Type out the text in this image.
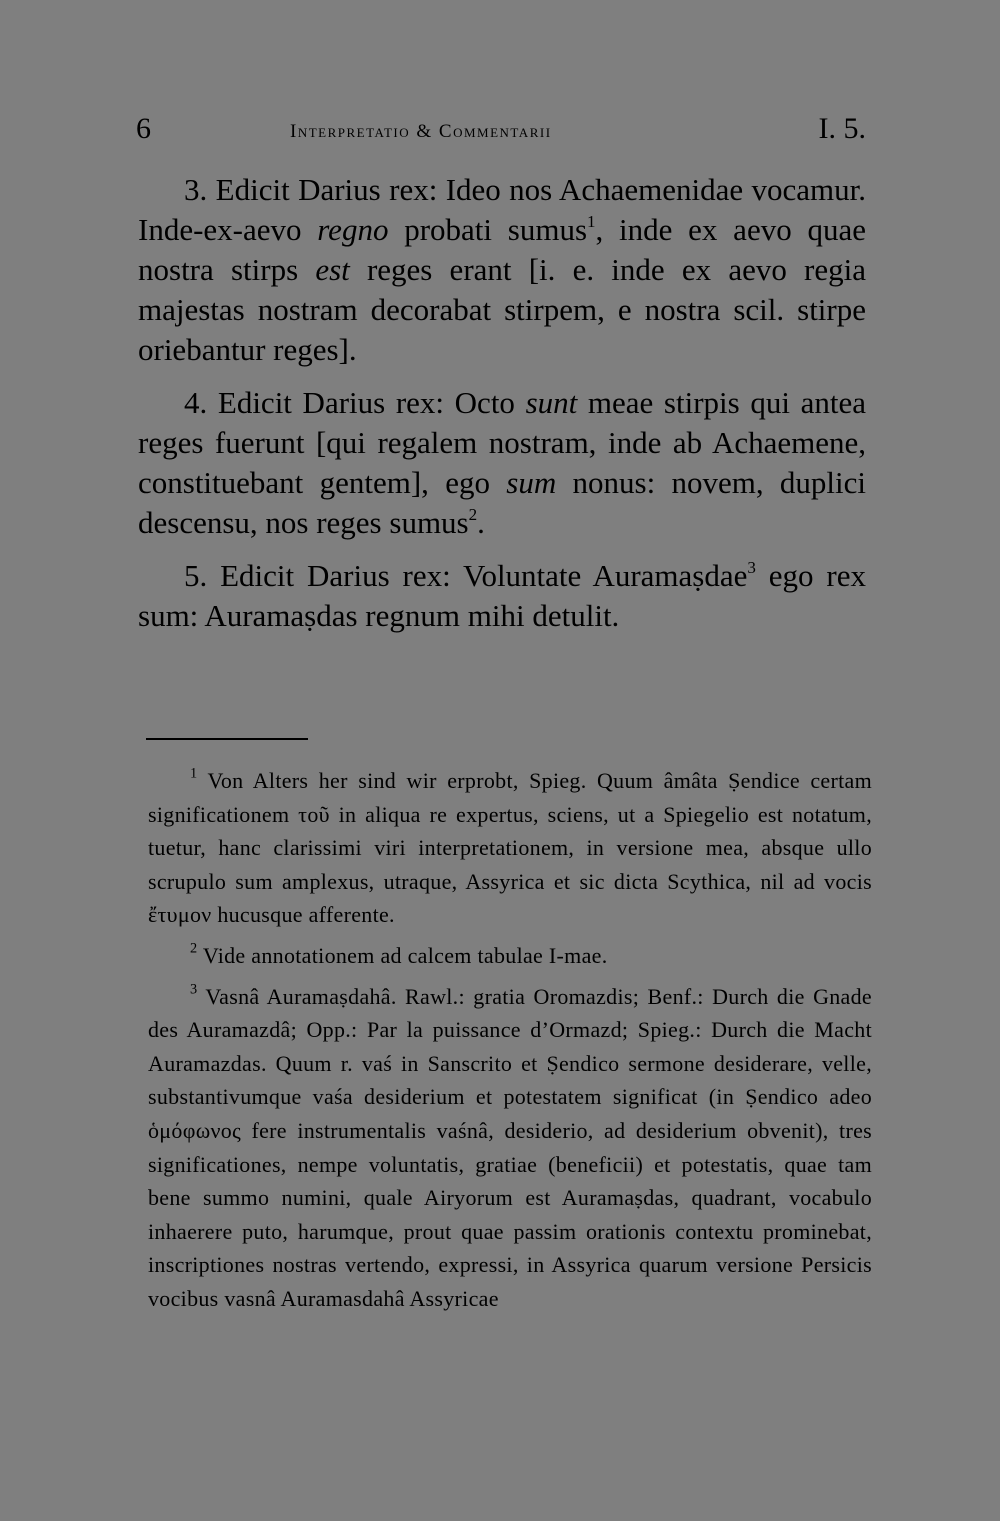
6	Interpretatio & Commentarii	I. 5.

3. Edicit Darius rex: Ideo nos Achaemenidae vocamur. Inde-ex-aevo regno probati sumus$^1$, inde ex aevo quae nostra stirps est reges erant [i. e. inde ex aevo regia majestas nostram decorabat stirpem, e nostra scil. stirpe oriebantur reges].

4. Edicit Darius rex: Octo sunt meae stirpis qui antea reges fuerunt [qui regalem nostram, inde ab Achaemene, constituebant gentem], ego sum nonus: novem, duplici descensu, nos reges sumus$^2$.

5. Edicit Darius rex: Voluntate Auramaṣdae$^3$ ego rex sum: Auramaṣdas regnum mihi detulit.

$^1$ Von Alters her sind wir erprobt, Spieg. Quum âmâta Ṣendice certam significationem τοῦ in aliqua re expertus, sciens, ut a Spiegelio est notatum, tuetur, hanc clarissimi viri interpretationem, in versione mea, absque ullo scrupulo sum amplexus, utraque, Assyrica et sic dicta Scythica, nil ad vocis ἔτυμον hucusque afferente.

$^2$ Vide annotationem ad calcem tabulae I-mae.

$^3$ Vasnâ Auramaṣdahâ. Rawl.: gratia Oromazdis; Benf.: Durch die Gnade des Auramazdâ; Opp.: Par la puissance d’Ormazd; Spieg.: Durch die Macht Auramazdas. Quum r. vaś in Sanscrito et Ṣendico sermone desiderare, velle, substantivumque vaśa desiderium et potestatem significat (in Ṣendico adeo ὁμόφωνος fere instrumentalis vaśnâ, desiderio, ad desiderium obvenit), tres significationes, nempe voluntatis, gratiae (beneficii) et potestatis, quae tam bene summo numini, quale Airyorum est Auramaṣdas, quadrant, vocabulo inhaerere puto, harumque, prout quae passim orationis contextu prominebat, inscriptiones nostras vertendo, expressi, in Assyrica quarum versione Persicis vocibus vasnâ Auramasdahâ Assyricae
